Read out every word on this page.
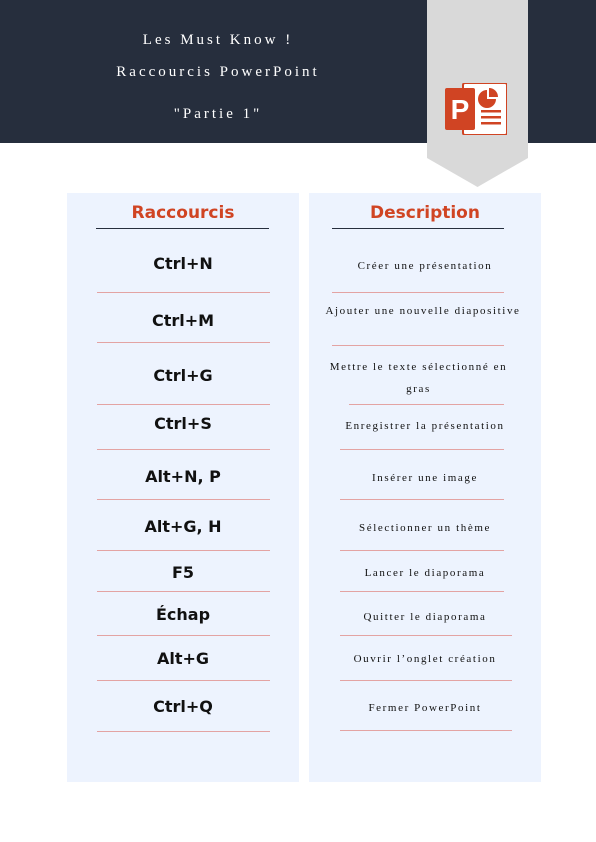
Les Must Know !
Raccourcis PowerPoint
"Partie 1"	P
Raccourcis	Description
Ctrl+N
Ctrl+M
Ctrl+G
Ctrl+S
Alt+N, P
Alt+G, H
F5
Échap
Alt+G
Ctrl+Q
Créer une présentation
Ajouter une nouvelle diapositive
Mettre le texte sélectionné en gras
Enregistrer la présentation
Insérer une image
Sélectionner un thème
Lancer le diaporama
Quitter le diaporama
Ouvrir l’onglet création
Fermer PowerPoint
